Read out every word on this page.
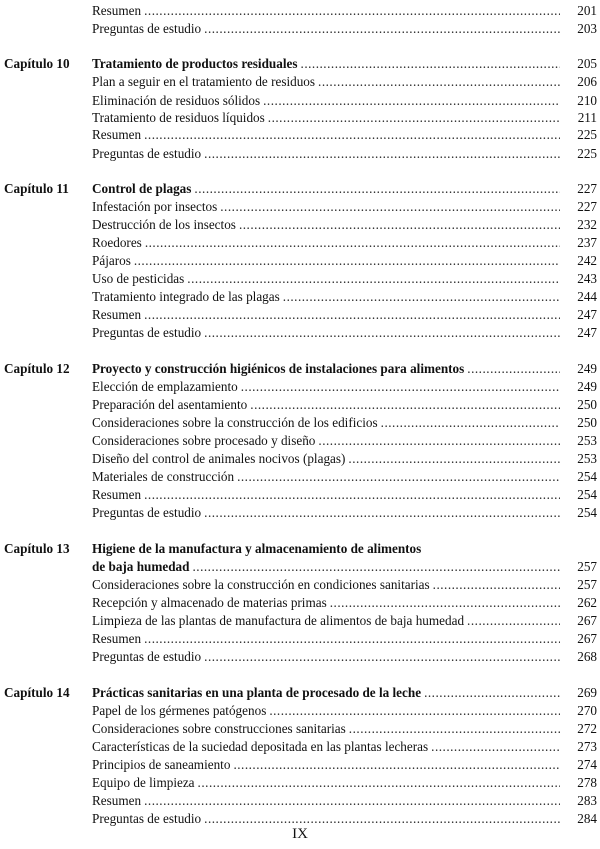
Resumen .....	201
Preguntas de estudio .....	203
Capítulo 10	Tratamiento de productos residuales .....	205
Plan a seguir en el tratamiento de residuos .....	206
Eliminación de residuos sólidos .....	210
Tratamiento de residuos líquidos .....	211
Resumen .....	225
Preguntas de estudio .....	225
Capítulo 11	Control de plagas .....	227
Infestación por insectos .....	227
Destrucción de los insectos .....	232
Roedores .....	237
Pájaros .....	242
Uso de pesticidas .....	243
Tratamiento integrado de las plagas .....	244
Resumen .....	247
Preguntas de estudio .....	247
Capítulo 12	Proyecto y construcción higiénicos de instalaciones para alimentos .....	249
Elección de emplazamiento .....	249
Preparación del asentamiento .....	250
Consideraciones sobre la construcción de los edificios .....	250
Consideraciones sobre procesado y diseño .....	253
Diseño del control de animales nocivos (plagas) .....	253
Materiales de construcción .....	254
Resumen .....	254
Preguntas de estudio .....	254
Capítulo 13	Higiene de la manufactura y almacenamiento de alimentos
de baja humedad .....	257
Consideraciones sobre la construcción en condiciones sanitarias .....	257
Recepción y almacenado de materias primas .....	262
Limpieza de las plantas de manufactura de alimentos de baja humedad .....	267
Resumen .....	267
Preguntas de estudio .....	268
Capítulo 14	Prácticas sanitarias en una planta de procesado de la leche .....	269
Papel de los gérmenes patógenos .....	270
Consideraciones sobre construcciones sanitarias .....	272
Características de la suciedad depositada en las plantas lecheras .....	273
Principios de saneamiento .....	274
Equipo de limpieza .....	278
Resumen .....	283
Preguntas de estudio .....	284
IX
